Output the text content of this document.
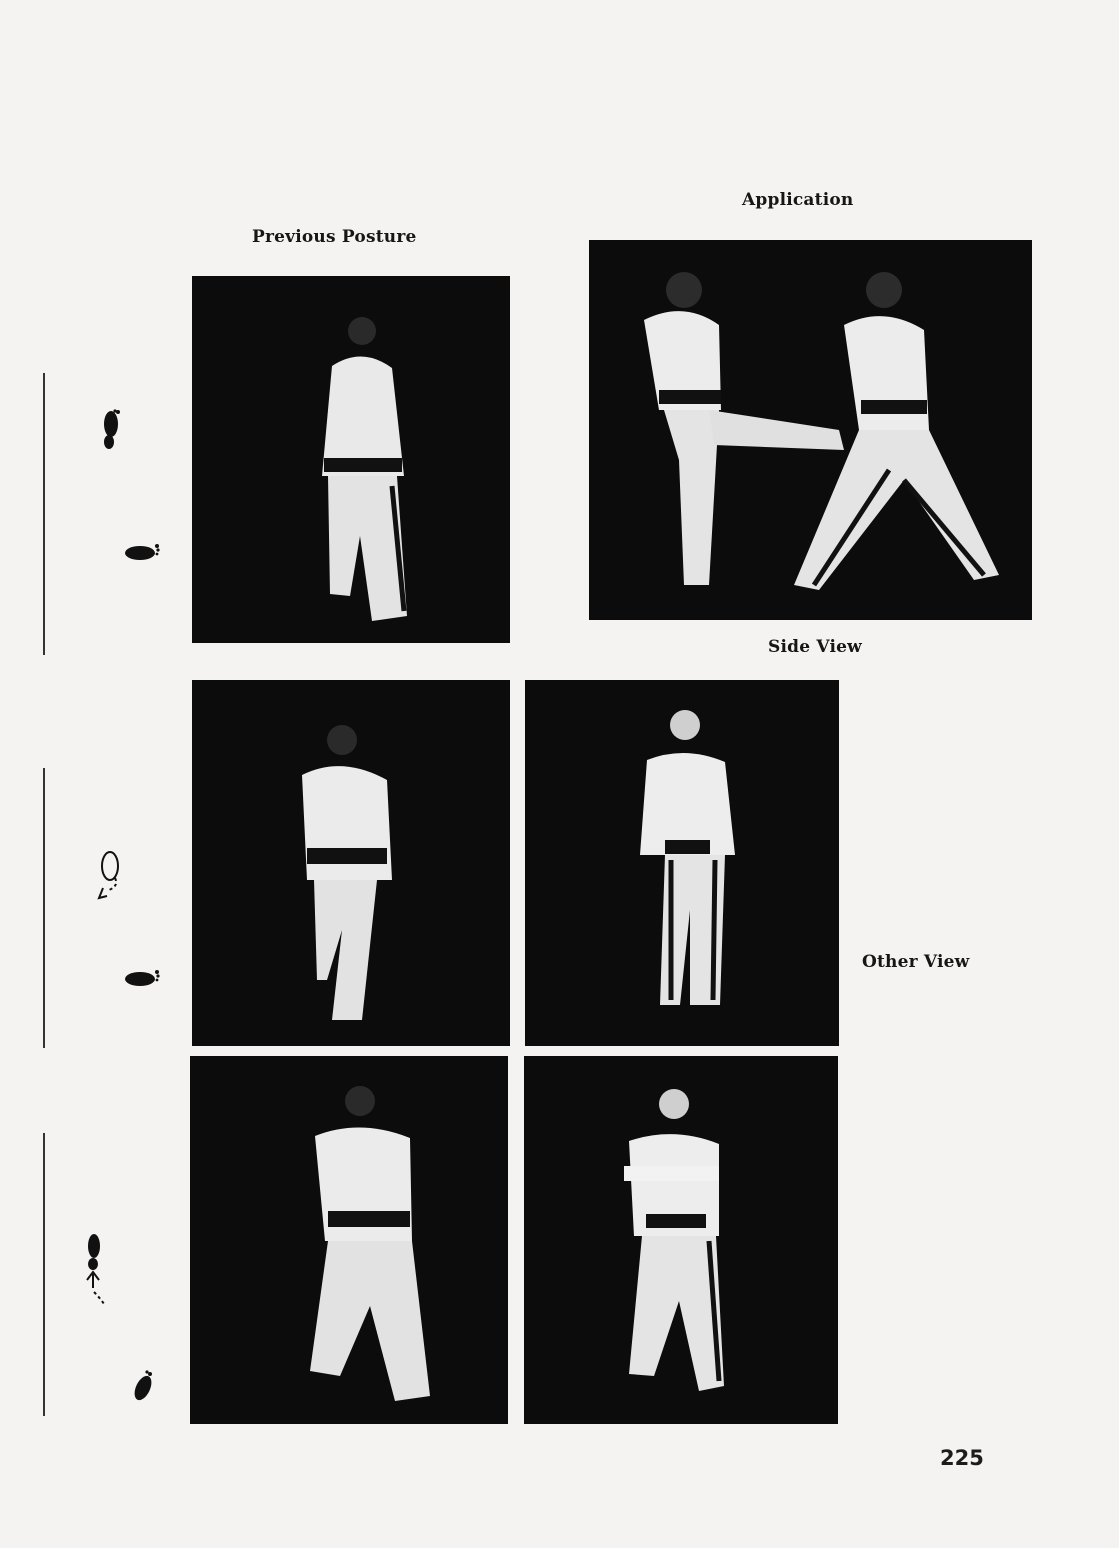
Application
Previous Posture
Side View
Other View
225
